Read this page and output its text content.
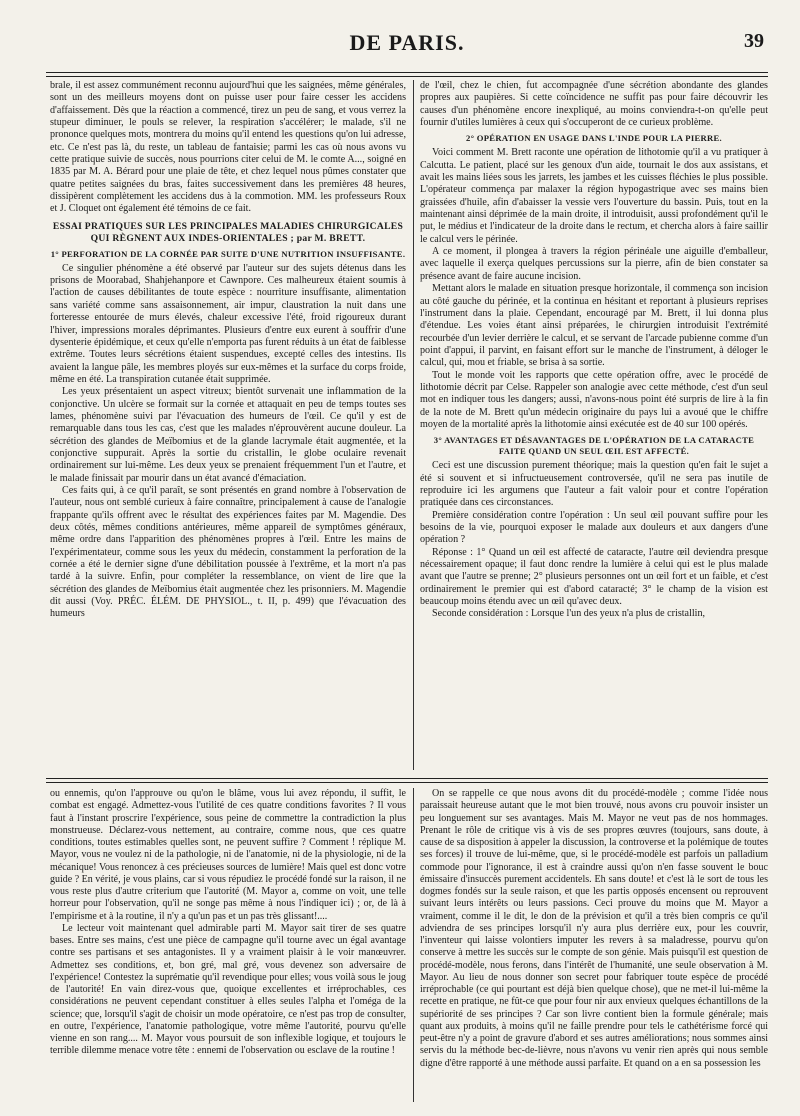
DE PARIS.	39

brale, il est assez communément reconnu aujourd'hui que les saignées, même générales, sont un des meilleurs moyens dont on puisse user pour faire cesser les accidens d'affaissement. Dès que la réaction a commencé, tirez un peu de sang, et vous verrez la stupeur diminuer, le pouls se relever, la respiration s'accélérer; le malade, s'il ne prononce quelques mots, montrera du moins qu'il entend les questions qu'on lui adresse, etc. Ce n'est pas là, du reste, un tableau de fantaisie; parmi les cas où nous avons vu cette pratique suivie de succès, nous pourrions citer celui de M. le comte A..., soigné en 1835 par M. A. Bérard pour une plaie de tête, et chez lequel nous pûmes constater que quatre petites saignées du bras, faites successivement dans les premières 48 heures, dissipèrent complètement les accidens dus à la commotion. MM. les professeurs Roux et J. Cloquet ont également été témoins de ce fait.

ESSAI PRATIQUES SUR LES PRINCIPALES MALADIES CHIRURGICALES QUI RÈGNENT AUX INDES-ORIENTALES ; par M. BRETT.
1° PERFORATION DE LA CORNÉE PAR SUITE D'UNE NUTRITION INSUFFISANTE.

Ce singulier phénomène a été observé par l'auteur sur des sujets détenus dans les prisons de Moorabad, Shahjehanpore et Cawnpore. Ces malheureux étaient soumis à l'action de causes débilitantes de toute espèce : nourriture insuffisante, alimentation sans variété comme sans assaisonnement, air impur, claustration la nuit dans une forteresse entourée de murs élevés, chaleur excessive l'été, froid rigoureux durant l'hiver, impressions morales déprimantes. Plusieurs d'entre eux eurent à souffrir d'une dysenterie épidémique, et ceux qu'elle n'emporta pas furent réduits à un état de faiblesse extrême. Toutes leurs sécrétions étaient suspendues, excepté celles des intestins. Ils avaient la langue pâle, les membres ployés sur eux-mêmes et la surface du corps froide, même en été. La transpiration cutanée était supprimée.

Les yeux présentaient un aspect vitreux; bientôt survenait une inflammation de la conjonctive. Un ulcère se formait sur la cornée et attaquait en peu de temps toutes ses lames, phénomène suivi par l'évacuation des humeurs de l'œil. Ce qu'il y est de remarquable dans tous les cas, c'est que les malades n'éprouvèrent aucune douleur. La sécrétion des glandes de Meïbomius et de la glande lacrymale était augmentée, et la conjonctive suppurait. Après la sortie du cristallin, le globe oculaire revenait ordinairement sur lui-même. Les deux yeux se prenaient fréquemment l'un et l'autre, et le malade finissait par mourir dans un état avancé d'émaciation.

Ces faits qui, à ce qu'il paraît, se sont présentés en grand nombre à l'observation de l'auteur, nous ont semblé curieux à faire connaître, principalement à cause de l'analogie frappante qu'ils offrent avec le résultat des expériences faites par M. Magendie. Des deux côtés, mêmes conditions antérieures, même appareil de symptômes généraux, même ordre dans l'apparition des phénomènes propres à l'œil. Entre les mains de l'expérimentateur, comme sous les yeux du médecin, constamment la perforation de la cornée a été le dernier signe d'une débilitation poussée à l'extrême, et la mort n'a pas tardé à la suivre. Enfin, pour compléter la ressemblance, on vient de lire que la sécrétion des glandes de Meïbomius était augmentée chez les prisonniers. M. Magendie dit aussi (Voy. PRÉC. ÉLÉM. DE PHYSIOL., t. II, p. 499) que l'évacuation des humeurs

de l'œil, chez le chien, fut accompagnée d'une sécrétion abondante des glandes propres aux paupières. Si cette coïncidence ne suffit pas pour faire découvrir les causes d'un phénomène encore inexpliqué, au moins conviendra-t-on qu'elle peut fournir d'utiles lumières à ceux qui s'occuperont de ce curieux problème.

2° OPÉRATION EN USAGE DANS L'INDE POUR LA PIERRE.

Voici comment M. Brett raconte une opération de lithotomie qu'il a vu pratiquer à Calcutta. Le patient, placé sur les genoux d'un aide, tournait le dos aux assistans, et avait les mains liées sous les jarrets, les jambes et les cuisses fléchies le plus possible. L'opérateur commença par malaxer la région hypogastrique avec ses mains bien graissées d'huile, afin d'abaisser la vessie vers l'ouverture du bassin. Puis, tout en la maintenant ainsi déprimée de la main droite, il introduisit, aussi profondément qu'il le put, le médius et l'indicateur de la droite dans le rectum, et chercha alors à faire saillir le calcul vers le périnée.

A ce moment, il plongea à travers la région périnéale une aiguille d'emballeur, avec laquelle il exerça quelques percussions sur la pierre, afin de bien constater sa présence avant de faire aucune incision.

Mettant alors le malade en situation presque horizontale, il commença son incision au côté gauche du périnée, et la continua en hésitant et reportant à plusieurs reprises l'instrument dans la plaie. Cependant, encouragé par M. Brett, il lui donna plus d'étendue. Les voies étant ainsi préparées, le chirurgien introduisit l'extrémité recourbée d'un levier derrière le calcul, et se servant de l'arcade pubienne comme d'un point d'appui, il parvint, en faisant effort sur le manche de l'instrument, à déloger le calcul, qui, mou et friable, se brisa à sa sortie.

Tout le monde voit les rapports que cette opération offre, avec le procédé de lithotomie décrit par Celse. Rappeler son analogie avec cette méthode, c'est d'un seul mot en indiquer tous les dangers; aussi, n'avons-nous point été surpris de lire à la fin de la note de M. Brett qu'un médecin originaire du pays lui a avoué que le chiffre moyen de la mortalité après la lithotomie ainsi exécutée est de 40 sur 100 opérés.

3° AVANTAGES ET DÉSAVANTAGES DE L'OPÉRATION DE LA CATARACTE FAITE QUAND UN SEUL ŒIL EST AFFECTÉ.

Ceci est une discussion purement théorique; mais la question qu'en fait le sujet a été si souvent et si infructueusement controversée, qu'il ne sera pas inutile de reproduire ici les argumens que l'auteur a fait valoir pour et contre l'opération pratiquée dans ces circonstances.

Première considération contre l'opération : Un seul œil pouvant suffire pour les besoins de la vie, pourquoi exposer le malade aux douleurs et aux dangers d'une opération ?

Réponse : 1° Quand un œil est affecté de cataracte, l'autre œil deviendra presque nécessairement opaque; il faut donc rendre la lumière à celui qui est le plus malade avant que l'autre se prenne; 2° plusieurs personnes ont un œil fort et un faible, et c'est ordinairement le premier qui est d'abord cataracté; 3° le champ de la vision est beaucoup moins étendu avec un œil qu'avec deux.

Seconde considération : Lorsque l'un des yeux n'a plus de cristallin,

ou ennemis, qu'on l'approuve ou qu'on le blâme, vous lui avez répondu, il suffit, le combat est engagé. Admettez-vous l'utilité de ces quatre conditions favorites ? Il vous faut à l'instant proscrire l'expérience, sous peine de commettre la contradiction la plus monstrueuse. Déclarez-vous nettement, au contraire, comme nous, que ces quatre conditions, toutes estimables quelles sont, ne peuvent suffire ? Comment ! réplique M. Mayor, vous ne voulez ni de la pathologie, ni de l'anatomie, ni de la physiologie, ni de la mécanique! Vous renoncez à ces précieuses sources de lumière! Mais quel est donc votre guide ? En vérité, je vous plains, car si vous répudiez le procédé fondé sur la raison, il ne vous reste plus d'autre criterium que l'autorité (M. Mayor a, comme on voit, une telle horreur pour l'observation, qu'il ne songe pas même à nous l'indiquer ici) ; or, de là à l'empirisme et à la routine, il n'y a qu'un pas et un pas très glissant!....

Le lecteur voit maintenant quel admirable parti M. Mayor sait tirer de ses quatre bases. Entre ses mains, c'est une pièce de campagne qu'il tourne avec un égal avantage contre ses partisans et ses antagonistes. Il y a vraiment plaisir à le voir manœuvrer. Admettez ses conditions, et, bon gré, mal gré, vous devenez son adversaire de l'expérience! Contestez la suprématie qu'il revendique pour elles; vous voilà sous le joug de l'autorité! En vain direz-vous que, quoique excellentes et irréprochables, ces considérations ne peuvent cependant constituer à elles seules l'alpha et l'oméga de la science; que, lorsqu'il s'agit de choisir un mode opératoire, ce n'est pas trop de consulter, en outre, l'expérience, l'anatomie pathologique, votre même l'autorité, pourvu qu'elle vienne en son rang.... M. Mayor vous poursuit de son inflexible logique, et toujours le terrible dilemme menace votre tête : ennemi de l'observation ou esclave de la routine !

On se rappelle ce que nous avons dit du procédé-modèle ; comme l'idée nous paraissait heureuse autant que le mot bien trouvé, nous avons cru pouvoir insister un peu longuement sur ses avantages. Mais M. Mayor ne veut pas de nos hommages. Prenant le rôle de critique vis à vis de ses propres œuvres (toujours, sans doute, à cause de sa disposition à appeler la discussion, la controverse et la polémique de toutes ses forces) il trouve de lui-même, que, si le procédé-modèle est parfois un palladium commode pour l'ignorance, il est à craindre aussi qu'on n'en fasse souvent le bouc émissaire d'insuccès purement accidentels. Eh sans doute! et c'est là le sort de tous les dogmes fondés sur la seule raison, et que les partis opposés encensent ou reprouvent suivant leurs intérêts ou leurs passions. Ceci prouve du moins que M. Mayor a vraiment, comme il le dit, le don de la prévision et qu'il a très bien compris ce qu'il adviendra de ses principes lorsqu'il n'y aura plus derrière eux, pour les couvrir, l'inventeur qui laisse volontiers imputer les revers à sa maladresse, pourvu qu'on conserve à mettre les succès sur le compte de son génie. Mais puisqu'il est question de procédé-modèle, nous ferons, dans l'intérêt de l'humanité, une seule observation à M. Mayor. Au lieu de nous donner son secret pour fabriquer toute espèce de procédé irréprochable (ce qui pourtant est déjà bien quelque chose), que ne met-il lui-même la recette en pratique, ne fût-ce que pour four nir aux envieux quelques échantillons de la supériorité de ses principes ? Car son livre contient bien la formule générale; mais quant aux produits, à moins qu'il ne faille prendre pour tels le cathétérisme forcé qui peut-être n'y a point de gravure d'abord et ses autres améliorations; nous sommes ainsi servis du la méthode bec-de-lièvre, nous n'avons vu venir rien après qui nous semble digne d'être rapporté à une méthode aussi parfaite. Et quand on a en sa possession les
